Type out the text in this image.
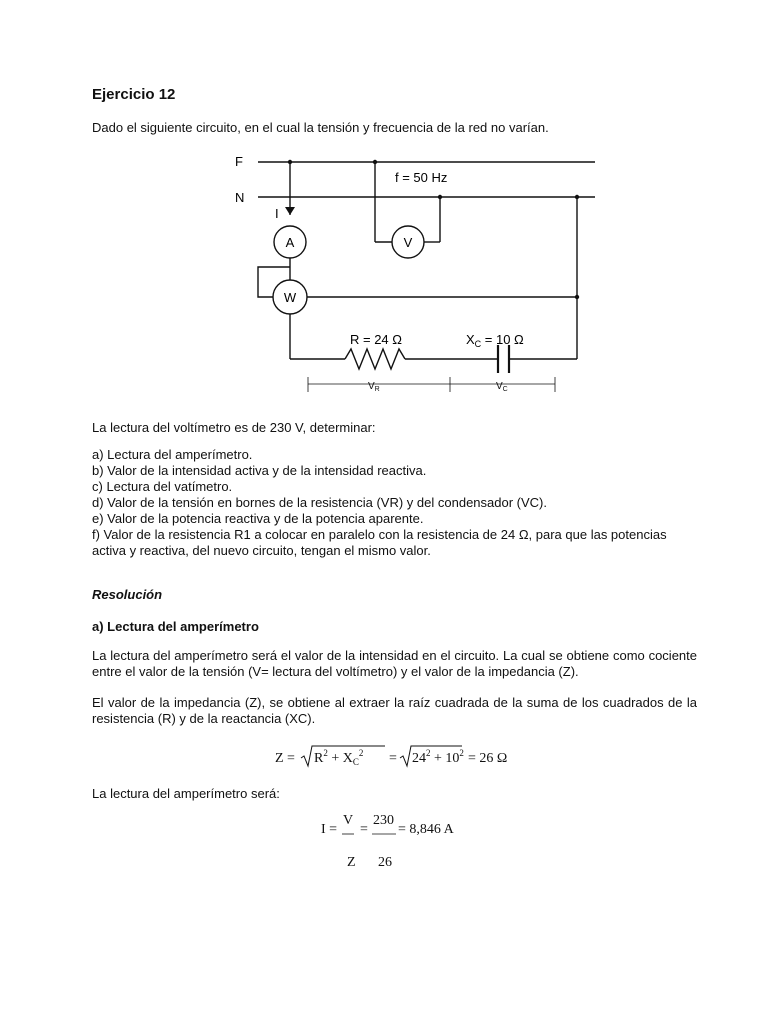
Ejercicio 12

Dado el siguiente circuito, en el cual la tensión y frecuencia de la red no varían.

F
N
I
f = 50 Hz
A	V
W
R = 24 Ω	$X_C = 10$ Ω
$V_R$	$V_C$

La lectura del voltímetro es de 230 V, determinar:

a) Lectura del amperímetro.
b) Valor de la intensidad activa y de la intensidad reactiva.
c) Lectura del vatímetro.
d) Valor de la tensión en bornes de la resistencia (VR) y del condensador (VC).
e) Valor de la potencia reactiva y de la potencia aparente.
f) Valor de la resistencia R1 a colocar en paralelo con la resistencia de 24 Ω, para que las potencias activa y reactiva, del nuevo circuito, tengan el mismo valor.
Resolución
a) Lectura del amperímetro

La lectura del amperímetro será el valor de la intensidad en el circuito. La cual se obtiene como cociente entre el valor de la tensión (V= lectura del voltímetro) y el valor de la impedancia (Z).

El valor de la impedancia (Z), se obtiene al extraer la raíz cuadrada de la suma de los cuadrados de la resistencia (R) y de la reactancia (XC).

$Z = R^2 + X_C^2 = 24^2 + 10^2 = 26$ Ω

La lectura del amperímetro será:

I =
V
=
230
= 8,846 A
Z 26
